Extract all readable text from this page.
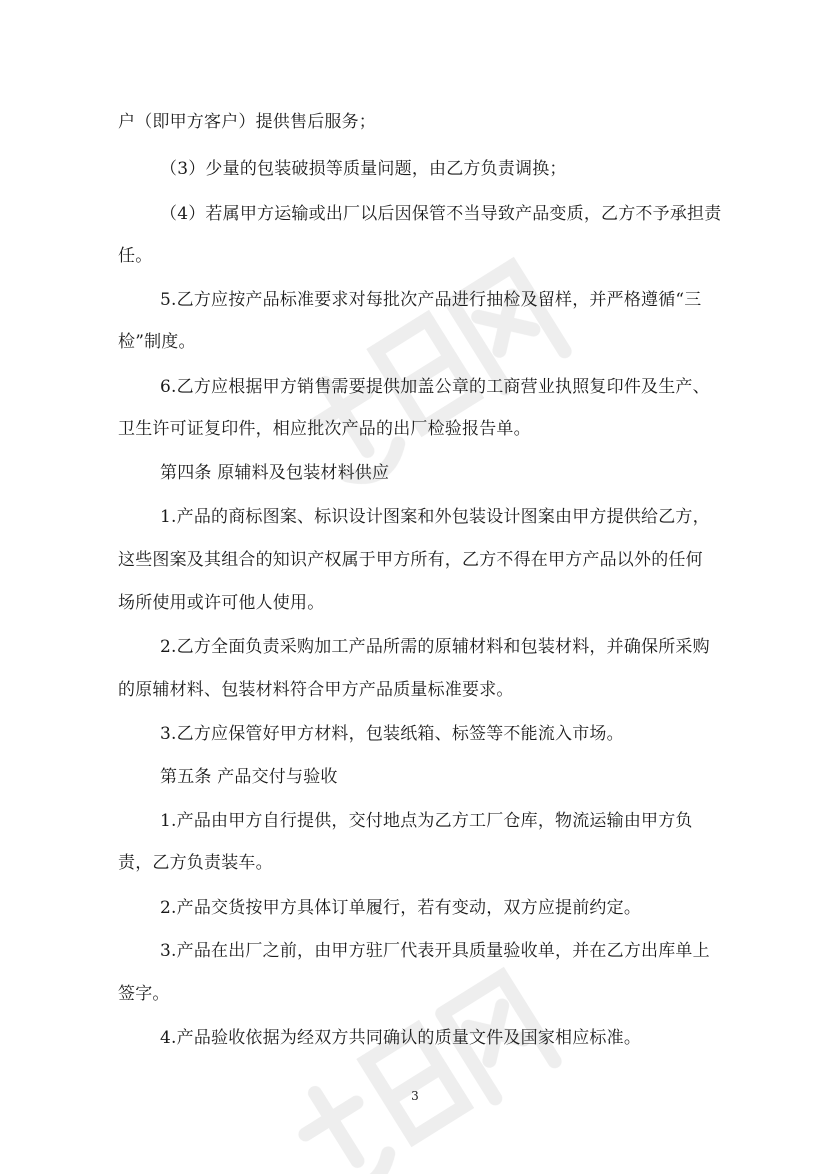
户（即甲方客户）提供售后服务；
（3）少量的包装破损等质量问题，由乙方负责调换；
（4）若属甲方运输或出厂以后因保管不当导致产品变质，乙方不予承担责
任。
5.乙方应按产品标准要求对每批次产品进行抽检及留样，并严格遵循“三
检”制度。
6.乙方应根据甲方销售需要提供加盖公章的工商营业执照复印件及生产、
卫生许可证复印件，相应批次产品的出厂检验报告单。
第四条 原辅料及包装材料供应
1.产品的商标图案、标识设计图案和外包装设计图案由甲方提供给乙方，
这些图案及其组合的知识产权属于甲方所有，乙方不得在甲方产品以外的任何
场所使用或许可他人使用。
2.乙方全面负责采购加工产品所需的原辅材料和包装材料，并确保所采购
的原辅材料、包装材料符合甲方产品质量标准要求。
3.乙方应保管好甲方材料，包装纸箱、标签等不能流入市场。
第五条 产品交付与验收
1.产品由甲方自行提供，交付地点为乙方工厂仓库，物流运输由甲方负
责，乙方负责装车。
2.产品交货按甲方具体订单履行，若有变动，双方应提前约定。
3.产品在出厂之前，由甲方驻厂代表开具质量验收单，并在乙方出库单上
签字。
4.产品验收依据为经双方共同确认的质量文件及国家相应标准。
3
